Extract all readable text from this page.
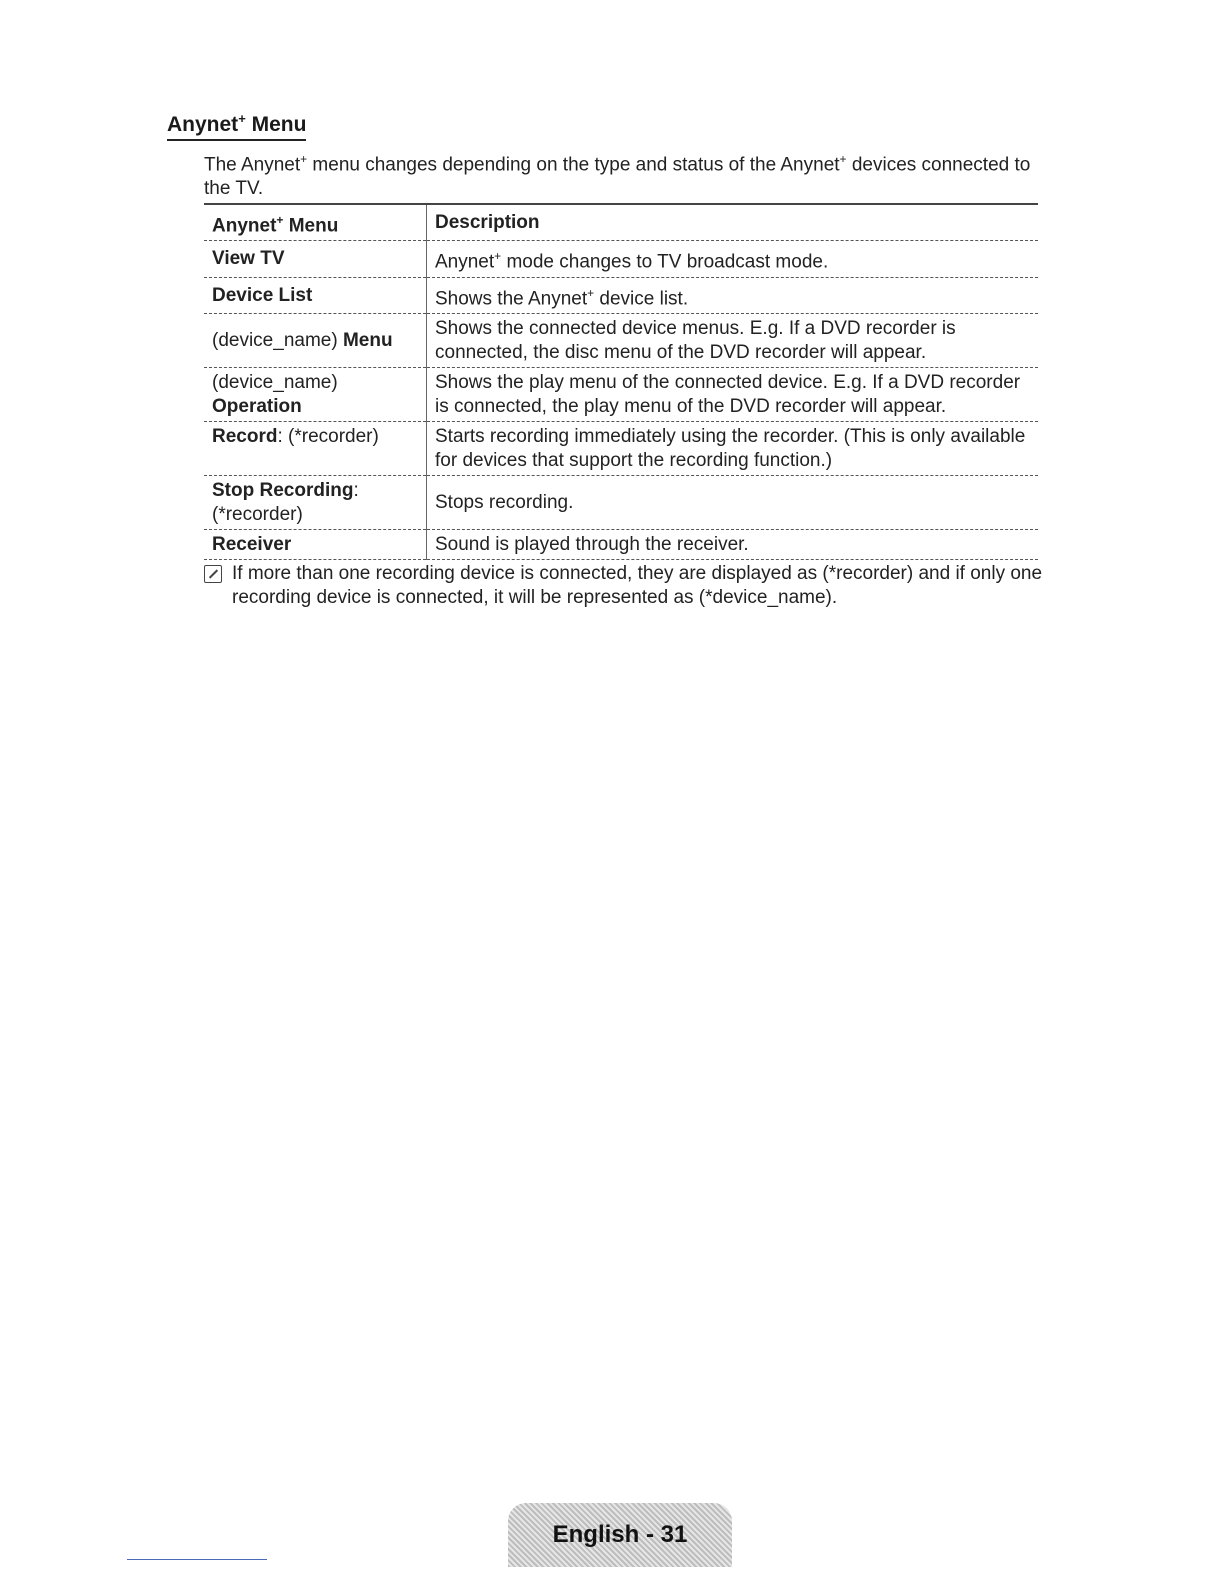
Anynet+ Menu
The Anynet+ menu changes depending on the type and status of the Anynet+ devices connected to the TV.
Anynet+ Menu	Description
View TV	Anynet+ mode changes to TV broadcast mode.
Device List	Shows the Anynet+ device list.
(device_name) Menu	Shows the connected device menus. E.g. If a DVD recorder is connected, the disc menu of the DVD recorder will appear.
(device_name)
Operation	Shows the play menu of the connected device. E.g. If a DVD recorder is connected, the play menu of the DVD recorder will appear.
Record: (*recorder)	Starts recording immediately using the recorder. (This is only available for devices that support the recording function.)
Stop Recording:
(*recorder)	Stops recording.
Receiver	Sound is played through the receiver.
If more than one recording device is connected, they are displayed as (*recorder) and if only one recording device is connected, it will be represented as (*device_name).
English - 31
